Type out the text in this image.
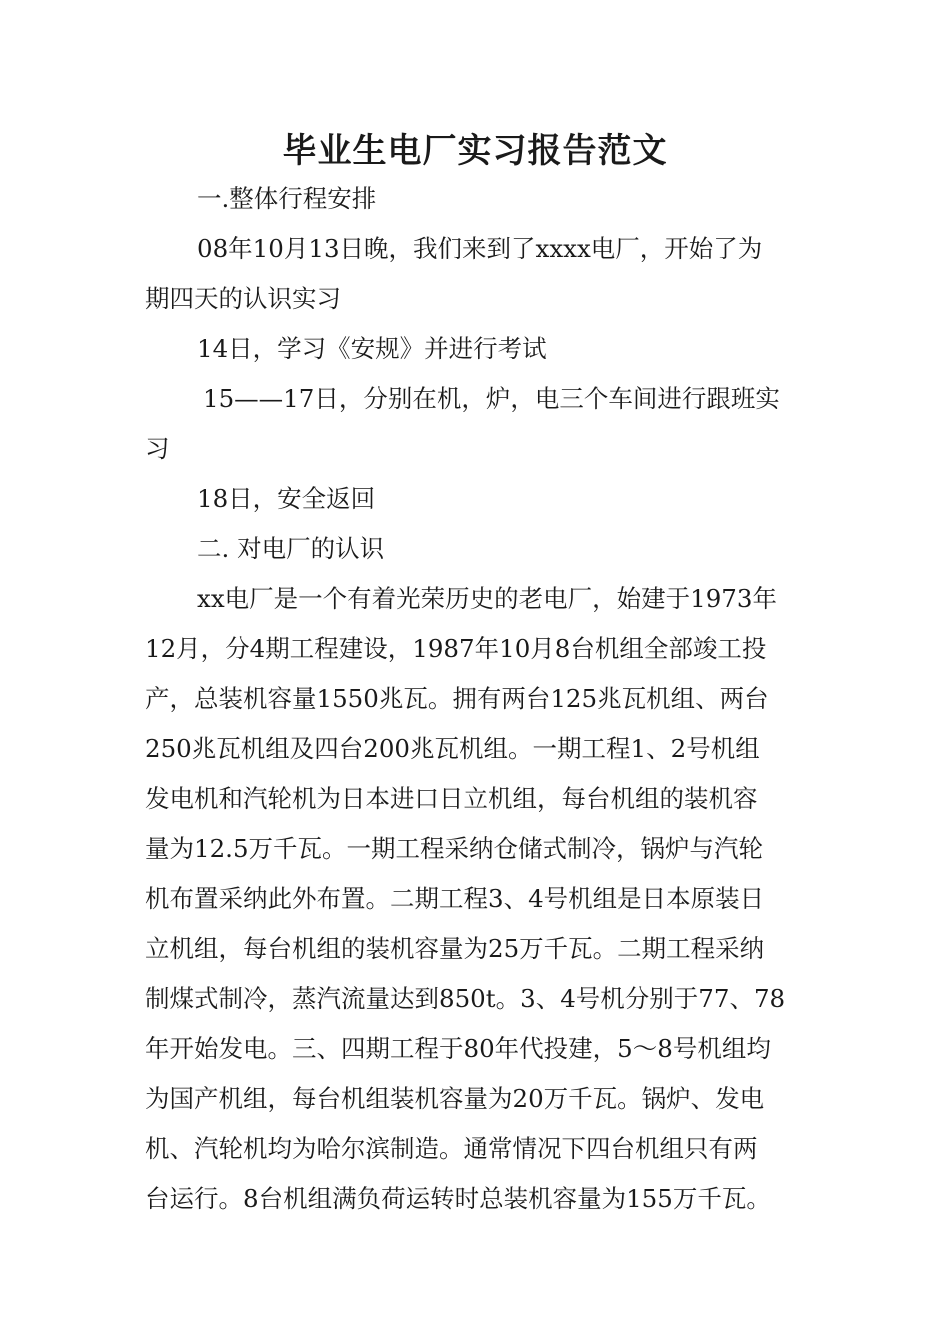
毕业生电厂实习报告范文
一.整体行程安排
08年10月13日晚，我们来到了xxxx电厂，开始了为
期四天的认识实习
14日，学习《安规》并进行考试
15——17日，分别在机，炉，电三个车间进行跟班实
习
18日，安全返回
二. 对电厂的认识
xx电厂是一个有着光荣历史的老电厂，始建于1973年
12月，分4期工程建设，1987年10月8台机组全部竣工投
产，总装机容量1550兆瓦。拥有两台125兆瓦机组、两台
250兆瓦机组及四台200兆瓦机组。一期工程1、2号机组
发电机和汽轮机为日本进口日立机组，每台机组的装机容
量为12.5万千瓦。一期工程采纳仓储式制冷，锅炉与汽轮
机布置采纳此外布置。二期工程3、4号机组是日本原装日
立机组，每台机组的装机容量为25万千瓦。二期工程采纳
制煤式制冷，蒸汽流量达到850t。3、4号机分别于77、78
年开始发电。三、四期工程于80年代投建，5～8号机组均
为国产机组，每台机组装机容量为20万千瓦。锅炉、发电
机、汽轮机均为哈尔滨制造。通常情况下四台机组只有两
台运行。8台机组满负荷运转时总装机容量为155万千瓦。
